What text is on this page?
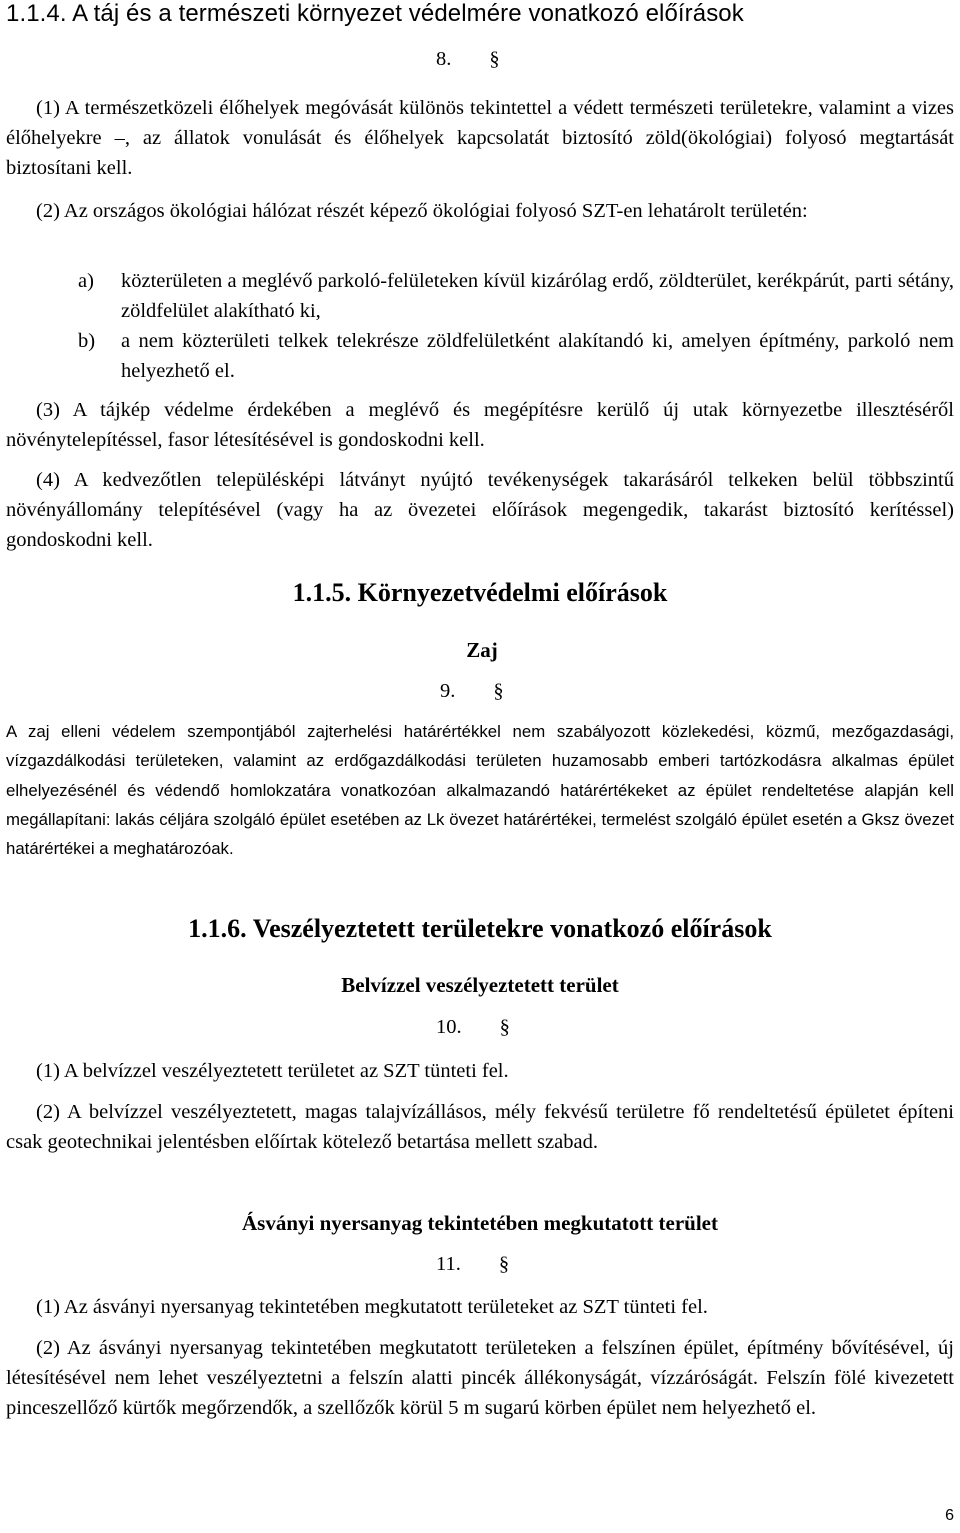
1.1.4. A táj és a természeti környezet védelmére vonatkozó előírások
8. §

(1) A természetközeli élőhelyek megóvását különös tekintettel a védett természeti területekre, valamint a vizes élőhelyekre –, az állatok vonulását és élőhelyek kapcsolatát biztosító zöld(ökológiai) folyosó megtartását biztosítani kell.

(2) Az országos ökológiai hálózat részét képező ökológiai folyosó SZT-en lehatárolt területén:

a) közterületen a meglévő parkoló-felületeken kívül kizárólag erdő, zöldterület, kerékpárút, parti sétány, zöldfelület alakítható ki,
b) a nem közterületi telkek telekrésze zöldfelületként alakítandó ki, amelyen építmény, parkoló nem helyezhető el.

(3) A tájkép védelme érdekében a meglévő és megépítésre kerülő új utak környezetbe illesztéséről növénytelepítéssel, fasor létesítésével is gondoskodni kell.

(4) A kedvezőtlen településképi látványt nyújtó tevékenységek takarásáról telkeken belül többszintű növényállomány telepítésével (vagy ha az övezetei előírások megengedik, takarást biztosító kerítéssel) gondoskodni kell.

1.1.5. Környezetvédelmi előírások
Zaj
9. §

A zaj elleni védelem szempontjából zajterhelési határértékkel nem szabályozott közlekedési, közmű, mezőgazdasági, vízgazdálkodási területeken, valamint az erdőgazdálkodási területen huzamosabb emberi tartózkodásra alkalmas épület elhelyezésénél és védendő homlokzatára vonatkozóan alkalmazandó határértékeket az épület rendeltetése alapján kell megállapítani: lakás céljára szolgáló épület esetében az Lk övezet határértékei, termelést szolgáló épület esetén a Gksz övezet határértékei a meghatározóak.

1.1.6. Veszélyeztetett területekre vonatkozó előírások
Belvízzel veszélyeztetett terület
10. §

(1) A belvízzel veszélyeztetett területet az SZT tünteti fel.

(2) A belvízzel veszélyeztetett, magas talajvízállásos, mély fekvésű területre fő rendeltetésű épületet építeni csak geotechnikai jelentésben előírtak kötelező betartása mellett szabad.

Ásványi nyersanyag tekintetében megkutatott terület
11. §

(1) Az ásványi nyersanyag tekintetében megkutatott területeket az SZT tünteti fel.

(2) Az ásványi nyersanyag tekintetében megkutatott területeken a felszínen épület, építmény bővítésével, új létesítésével nem lehet veszélyeztetni a felszín alatti pincék állékonyságát, vízzáróságát. Felszín fölé kivezetett pinceszellőző kürtők megőrzendők, a szellőzők körül 5 m sugarú körben épület nem helyezhető el.

6
